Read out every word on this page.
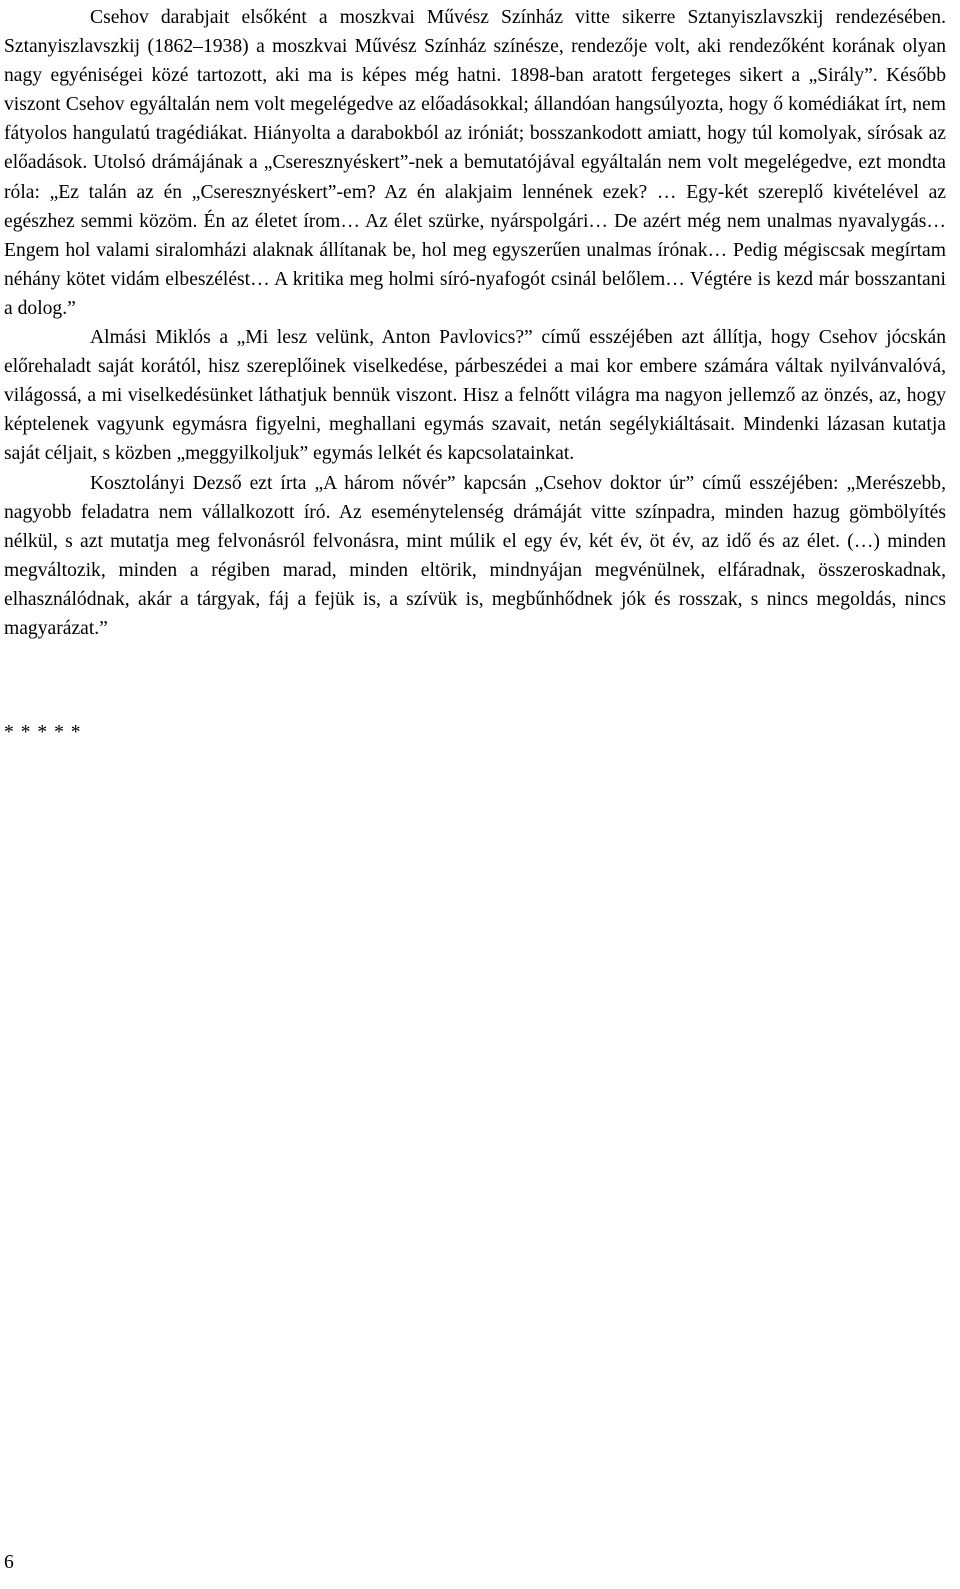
Csehov darabjait elsőként a moszkvai Művész Színház vitte sikerre Sztanyiszlavszkij rendezésében. Sztanyiszlavszkij (1862–1938) a moszkvai Művész Színház színésze, rendezője volt, aki rendezőként korának olyan nagy egyéniségei közé tartozott, aki ma is képes még hatni. 1898-ban aratott fergeteges sikert a „Sirály”. Később viszont Csehov egyáltalán nem volt megelégedve az előadásokkal; állandóan hangsúlyozta, hogy ő komédiákat írt, nem fátyolos hangulatú tragédiákat. Hiányolta a darabokból az iróniát; bosszankodott amiatt, hogy túl komolyak, sírósak az előadások. Utolsó drámájának a „Cseresznyéskert”-nek a bemutatójával egyáltalán nem volt megelégedve, ezt mondta róla: „Ez talán az én „Cseresznyéskert”-em? Az én alakjaim lennének ezek? … Egy-két szereplő kivételével az egészhez semmi közöm. Én az életet írom… Az élet szürke, nyárspolgári… De azért még nem unalmas nyavalygás… Engem hol valami siralomházi alaknak állítanak be, hol meg egyszerűen unalmas írónak… Pedig mégiscsak megírtam néhány kötet vidám elbeszélést… A kritika meg holmi síró-nyafogót csinál belőlem… Végtére is kezd már bosszantani a dolog.”

Almási Miklós a „Mi lesz velünk, Anton Pavlovics?” című esszéjében azt állítja, hogy Csehov jócskán előrehaladt saját korától, hisz szereplőinek viselkedése, párbeszédei a mai kor embere számára váltak nyilvánvalóvá, világossá, a mi viselkedésünket láthatjuk bennük viszont. Hisz a felnőtt világra ma nagyon jellemző az önzés, az, hogy képtelenek vagyunk egymásra figyelni, meghallani egymás szavait, netán segélykiáltásait. Mindenki lázasan kutatja saját céljait, s közben „meggyilkoljuk” egymás lelkét és kapcsolatainkat.

Kosztolányi Dezső ezt írta „A három nővér” kapcsán „Csehov doktor úr” című esszéjében: „Merészebb, nagyobb feladatra nem vállalkozott író. Az eseménytelenség drámáját vitte színpadra, minden hazug gömbölyítés nélkül, s azt mutatja meg felvonásról felvonásra, mint múlik el egy év, két év, öt év, az idő és az élet. (…) minden megváltozik, minden a régiben marad, minden eltörik, mindnyájan megvénülnek, elfáradnak, összeroskadnak, elhasználódnak, akár a tárgyak, fáj a fejük is, a szívük is, megbűnhődnek jók és rosszak, s nincs megoldás, nincs magyarázat.”

* * * * *
6
